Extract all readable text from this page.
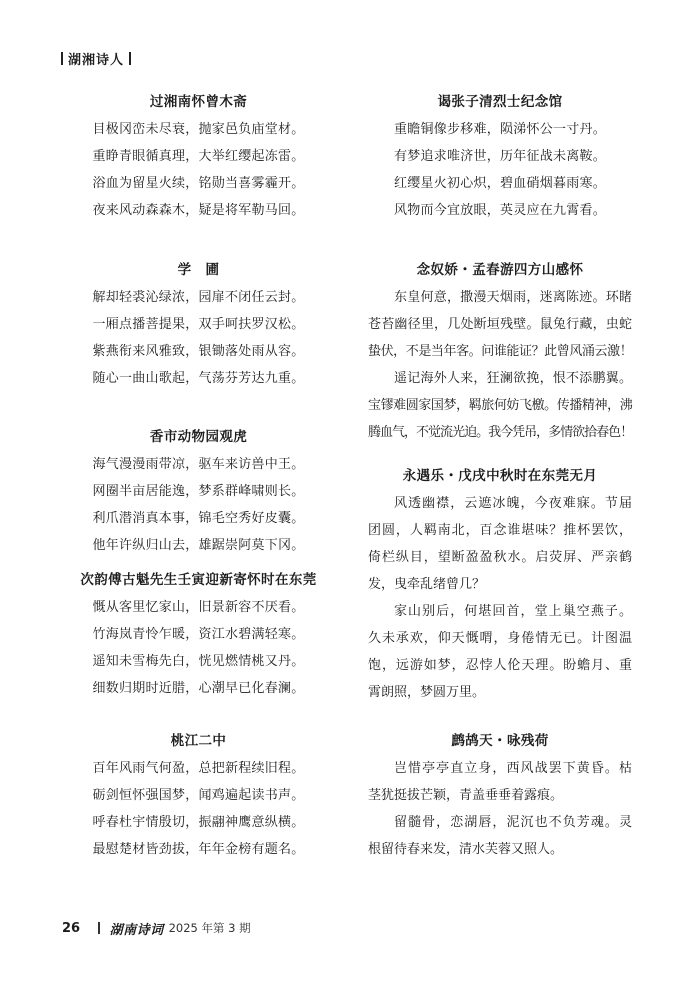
湖湘诗人
过湘南怀曾木斋
目极冈峦未尽衰，抛家邑负庙堂材。
重睁青眼循真理，大举红缨起冻雷。
浴血为留星火续，铭勋当喜雾霾开。
夜来风动森森木，疑是将军勒马回。
学　圃
解却轻裘沁绿浓，园扉不闭任云封。
一厢点播菩提果，双手呵扶罗汉松。
紫燕衔来风雅致，银锄落处雨从容。
随心一曲山歌起，气荡芬芳达九重。
香市动物园观虎
海气漫漫雨带凉，驱车来访兽中王。
网圈半亩居能逸，梦系群峰啸则长。
利爪潜消真本事，锦毛空秀好皮囊。
他年许纵归山去，雄踞崇阿莫下冈。
次韵傅古魁先生壬寅迎新寄怀时在东莞
慨从客里忆家山，旧景新容不厌看。
竹海岚青怜乍暖，资江水碧满轻寒。
遥知未雪梅先白，恍见燃情桃又丹。
细数归期时近腊，心潮早已化春澜。
桃江二中
百年风雨气何盈，总把新程续旧程。
砺剑恒怀强国梦，闻鸡遍起读书声。
呼春杜宇情殷切，振翮神鹰意纵横。
最慰楚材皆劲拔，年年金榜有题名。
谒张子清烈士纪念馆
重瞻铜像步移难，陨涕怀公一寸丹。
有梦追求唯济世，历年征战未离鞍。
红缨星火初心炽，碧血硝烟暮雨寒。
风物而今宜放眼，英灵应在九霄看。
念奴娇・孟春游四方山感怀
东皇何意，撒漫天烟雨，迷离陈迹。环睹
苍苔幽径里，几处断垣残壁。鼠兔行藏，虫蛇
蛰伏，不是当年客。问谁能证？此曾风涌云激！
遥记海外人来，狂澜欲挽，恨不添鹏翼。
宝镠难圆家国梦，羁旅何妨飞檄。传播精神，沸
腾血气，不觉流光迫。我今凭吊，多情欲拾春色！
永遇乐・戊戌中秋时在东莞无月
风透幽襟，云遮冰魄，今夜难寐。节届
团圆，人羁南北，百念谁堪味？推杯罢饮，
倚栏纵目，望断盈盈秋水。启荧屏、严亲鹤
发，曳牵乱绪曾几？
家山别后，何堪回首，堂上巢空燕子。
久未承欢，仰天慨喟，身倦情无已。计图温
饱，远游如梦，忍悖人伦天理。盼蟾月、重
霄朗照，梦圆万里。
鹧鸪天・咏残荷
岂惜亭亭直立身，西风战罢下黄昏。枯
茎犹挺拔芒颖，青盖垂垂着露痕。
留髓骨，恋湖唇，泥沉也不负芳魂。灵
根留待春来发，清水芙蓉又照人。
26 湖南诗词 2025 年第 3 期
